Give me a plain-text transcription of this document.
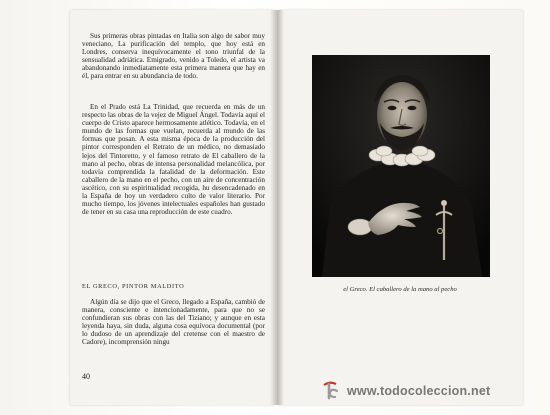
Sus primeras obras pintadas en Italia son algo de sabor muy veneciano, La purificación del templo, que hoy está en Londres, conserva inequívocamente el tono triunfal de la sensualidad adriática. Emigrado, venido a Toledo, el artista va abandonando inmediatamente esta primera manera que hay en él, para entrar en su abundancia de todo.

En el Prado está La Trinidad, que recuerda en más de un respecto las obras de la vejez de Miguel Ángel. Todavía aquí el cuerpo de Cristo aparece hermosamente atlético. Todavía, en el mundo de las formas que vuelan, recuerda al mundo de las formas que posan. A esta misma época de la producción del pintor corresponden el Retrato de un médico, no demasiado lejos del Tintoretto, y el famoso retrato de El caballero de la mano al pecho, obras de intensa personalidad melancólica, por todavía comprendida la fatalidad de la deformación. Este caballero de la mano en el pecho, con un aire de concentración ascético, con su espiritualidad recogida, hu desencadenado en la España de hoy un verdadero culto de valor literario. Por mucho tiempo, los jóvenes intelectuales españoles han gustado de tener en su casa una reproducción de este cuadro.

EL GRECO, PINTOR MALDITO

Algún día se dijo que el Greco, llegado a España, cambió de manera, consciente e intencionadamente, para que no se confundieran sus obras con las del Tiziano; y aunque en esta leyenda haya, sin duda, alguna cosa equívoca documental (por lo dudoso de un aprendizaje del cretense con el maestro de Cadore), incomprensión ningu

40
el Greco. El caballero de la mano al pecho
www.todocoleccion.net
